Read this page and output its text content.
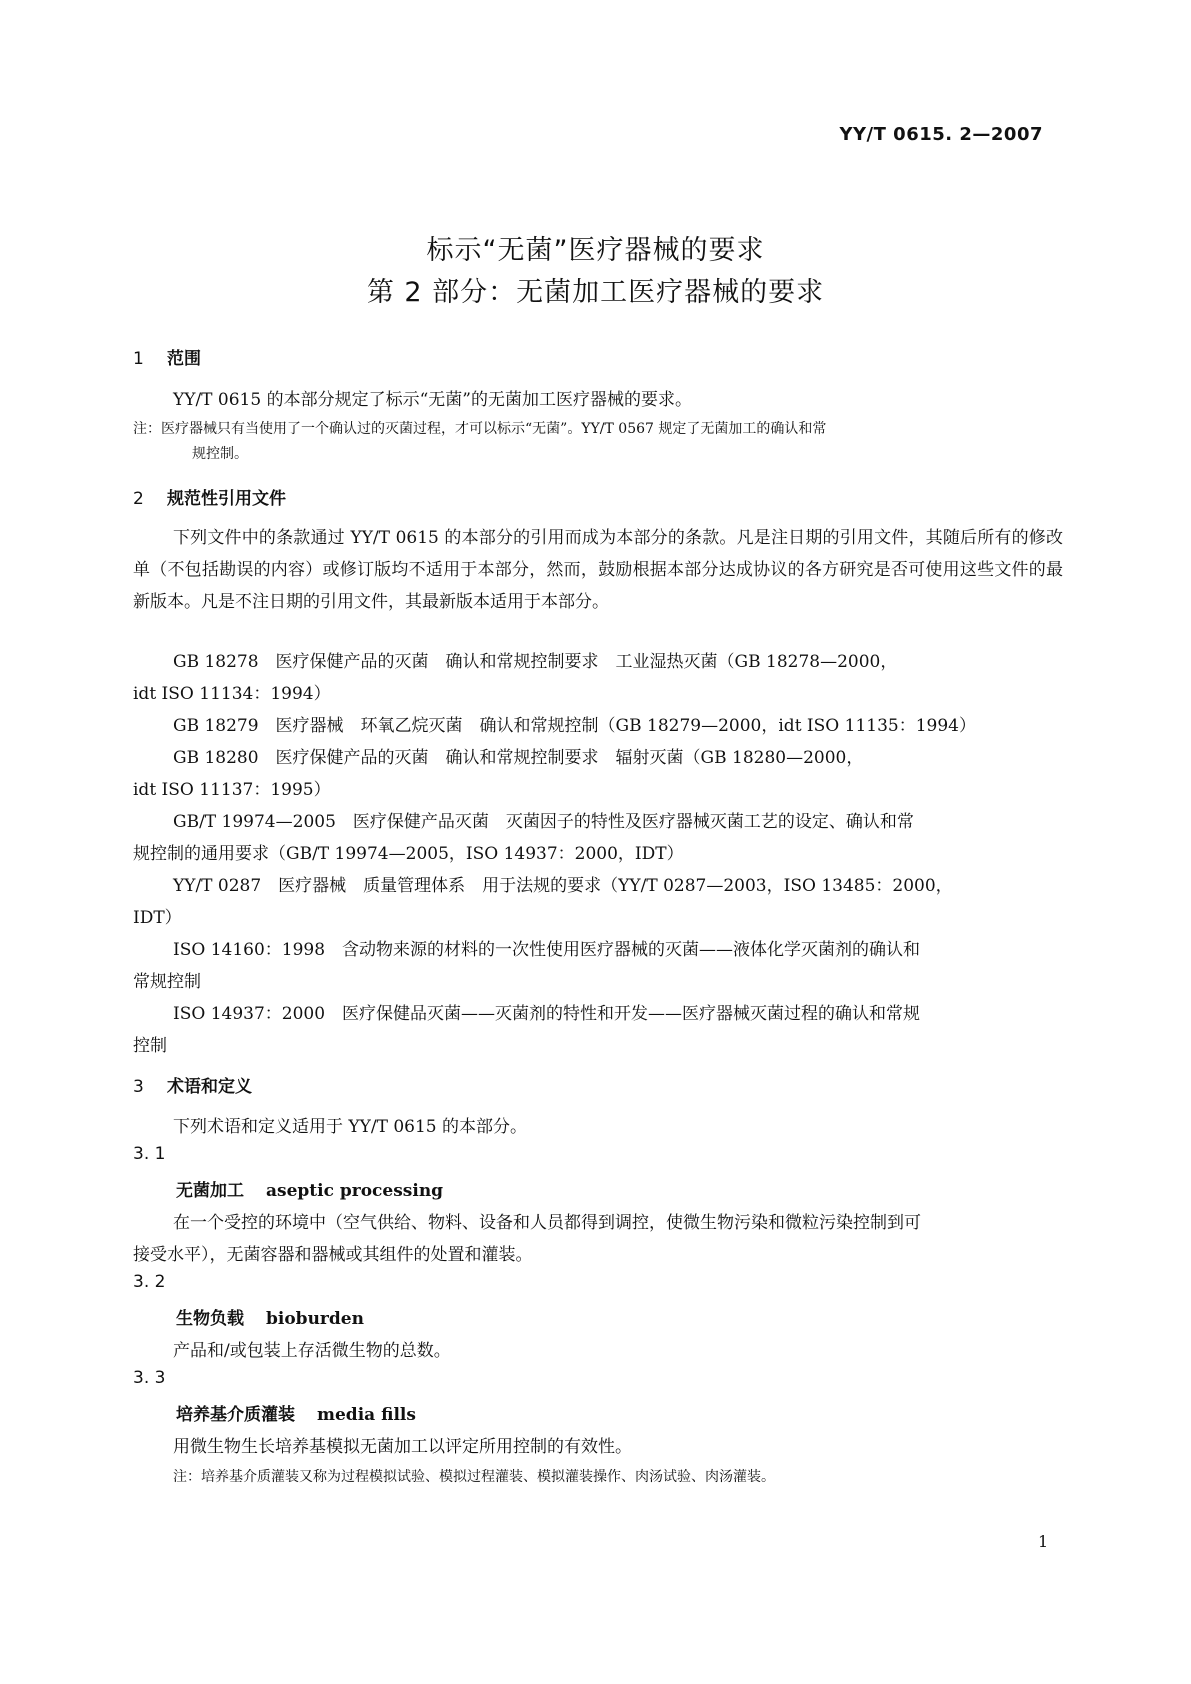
YY/T 0615. 2—2007
标示“无菌”医疗器械的要求
第 2 部分：无菌加工医疗器械的要求
1 范围
YY/T 0615 的本部分规定了标示“无菌”的无菌加工医疗器械的要求。
注：医疗器械只有当使用了一个确认过的灭菌过程，才可以标示“无菌”。YY/T 0567 规定了无菌加工的确认和常
规控制。
2 规范性引用文件
下列文件中的条款通过 YY/T 0615 的本部分的引用而成为本部分的条款。凡是注日期的引用文件，其随后所有的修改单（不包括勘误的内容）或修订版均不适用于本部分，然而，鼓励根据本部分达成协议的各方研究是否可使用这些文件的最新版本。凡是不注日期的引用文件，其最新版本适用于本部分。
GB 18278　医疗保健产品的灭菌　确认和常规控制要求　工业湿热灭菌（GB 18278—2000，
idt ISO 11134：1994）
GB 18279　医疗器械　环氧乙烷灭菌　确认和常规控制（GB 18279—2000，idt ISO 11135：1994）
GB 18280　医疗保健产品的灭菌　确认和常规控制要求　辐射灭菌（GB 18280—2000，
idt ISO 11137：1995）
GB/T 19974—2005　医疗保健产品灭菌　灭菌因子的特性及医疗器械灭菌工艺的设定、确认和常
规控制的通用要求（GB/T 19974—2005，ISO 14937：2000，IDT）
YY/T 0287　医疗器械　质量管理体系　用于法规的要求（YY/T 0287—2003，ISO 13485：2000，
IDT）
ISO 14160：1998　含动物来源的材料的一次性使用医疗器械的灭菌——液体化学灭菌剂的确认和
常规控制
ISO 14937：2000　医疗保健品灭菌——灭菌剂的特性和开发——医疗器械灭菌过程的确认和常规
控制
3 术语和定义
下列术语和定义适用于 YY/T 0615 的本部分。
3. 1
无菌加工 aseptic processing
在一个受控的环境中（空气供给、物料、设备和人员都得到调控，使微生物污染和微粒污染控制到可
接受水平），无菌容器和器械或其组件的处置和灌装。
3. 2
生物负载 bioburden
产品和/或包装上存活微生物的总数。
3. 3
培养基介质灌装 media fills
用微生物生长培养基模拟无菌加工以评定所用控制的有效性。
注：培养基介质灌装又称为过程模拟试验、模拟过程灌装、模拟灌装操作、肉汤试验、肉汤灌装。
1
